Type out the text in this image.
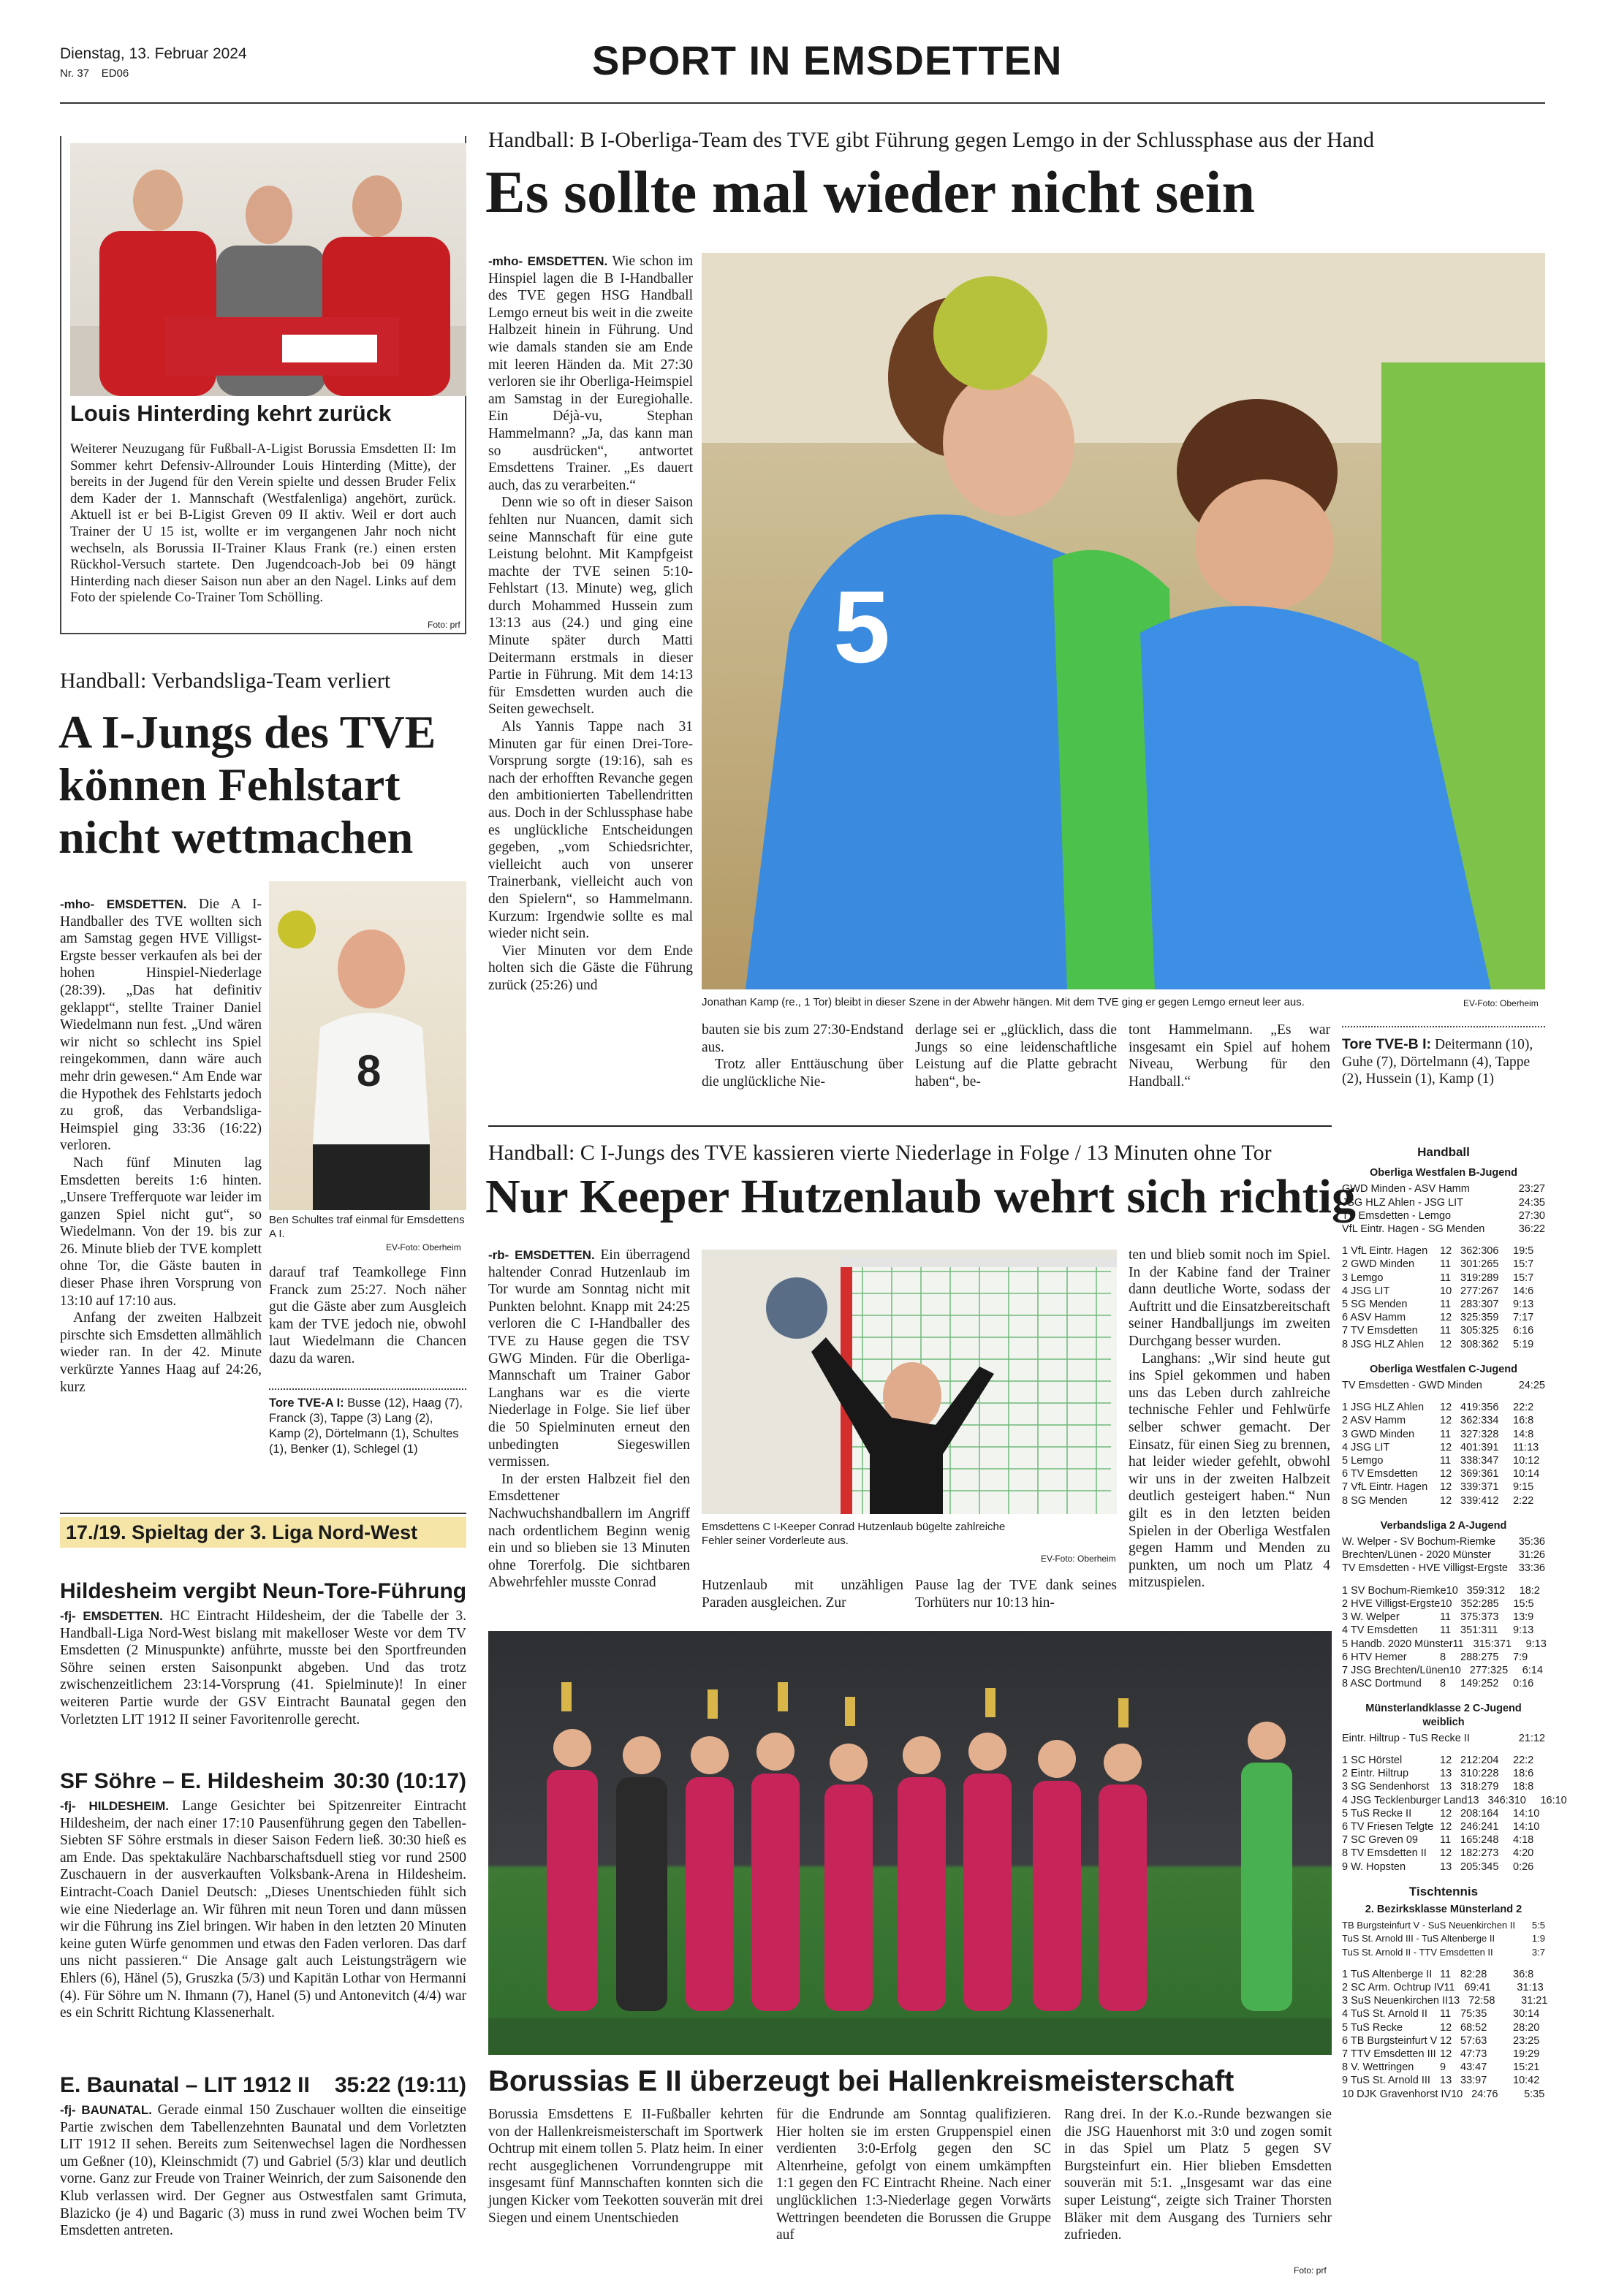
Dienstag, 13. Februar 2024
Nr. 37 ED06	SPORT IN EMSDETTEN
Louis Hinterding kehrt zurück
Weiterer Neuzugang für Fußball-A-Ligist Borussia Emsdetten II: Im Sommer kehrt Defensiv-Allrounder Louis Hinterding (Mitte), der bereits in der Jugend für den Verein spielte und dessen Bruder Felix dem Kader der 1. Mannschaft (Westfalenliga) angehört, zurück. Aktuell ist er bei B-Ligist Greven 09 II aktiv. Weil er dort auch Trainer der U 15 ist, wollte er im vergangenen Jahr noch nicht wechseln, als Borussia II-Trainer Klaus Frank (re.) einen ersten Rückhol-Versuch startete. Den Jugendcoach-Job bei 09 hängt Hinterding nach dieser Saison nun aber an den Nagel. Links auf dem Foto der spielende Co-Trainer Tom Schölling.
Foto: prf
Handball: B I-Oberliga-Team des TVE gibt Führung gegen Lemgo in der Schlussphase aus der Hand
Es sollte mal wieder nicht sein

-mho- EMSDETTEN. Wie schon im Hinspiel lagen die B I-Handballer des TVE gegen HSG Handball Lemgo erneut bis weit in die zweite Halbzeit hinein in Führung. Und wie damals standen sie am Ende mit leeren Händen da. Mit 27:30 verloren sie ihr Oberliga-Heimspiel am Samstag in der Euregiohalle. Ein Déjà-vu, Stephan Hammelmann? „Ja, das kann man so ausdrücken“, antwortet Emsdettens Trainer. „Es dauert auch, das zu verarbeiten.“

Denn wie so oft in dieser Saison fehlten nur Nuancen, damit sich seine Mannschaft für eine gute Leistung belohnt. Mit Kampfgeist machte der TVE seinen 5:10-Fehlstart (13. Minute) weg, glich durch Mohammed Hussein zum 13:13 aus (24.) und ging eine Minute später durch Matti Deitermann erstmals in dieser Partie in Führung. Mit dem 14:13 für Emsdetten wurden auch die Seiten gewechselt.

Als Yannis Tappe nach 31 Minuten gar für einen Drei-Tore-Vorsprung sorgte (19:16), sah es nach der erhofften Revanche gegen den ambitionierten Tabellendritten aus. Doch in der Schlussphase habe es unglückliche Entscheidungen gegeben, „vom Schiedsrichter, vielleicht auch von unserer Trainerbank, vielleicht auch von den Spielern“, so Hammelmann. Kurzum: Irgendwie sollte es mal wieder nicht sein.

Vier Minuten vor dem Ende holten sich die Gäste die Führung zurück (25:26) und

5
Jonathan Kamp (re., 1 Tor) bleibt in dieser Szene in der Abwehr hängen. Mit dem TVE ging er gegen Lemgo erneut leer aus.	EV-Foto: Oberheim

bauten sie bis zum 27:30-Endstand aus.

Trotz aller Enttäuschung über die unglückliche Nie-

derlage sei er „glücklich, dass die Jungs so eine leidenschaftliche Leistung auf die Platte gebracht haben“, be-

tont Hammelmann. „Es war insgesamt ein Spiel auf hohem Niveau, Werbung für den Handball.“

Tore TVE-B I: Deitermann (10), Guhe (7), Dörtelmann (4), Tappe (2), Hussein (1), Kamp (1)
Handball: Verbandsliga-Team verliert
A I-Jungs des TVE können Fehlstart nicht wettmachen

-mho- EMSDETTEN. Die A I-Handballer des TVE wollten sich am Samstag gegen HVE Villigst-Ergste besser verkaufen als bei der hohen Hinspiel-Niederlage (28:39). „Das hat definitiv geklappt“, stellte Trainer Daniel Wiedelmann nun fest. „Und wären wir nicht so schlecht ins Spiel reingekommen, dann wäre auch mehr drin gewesen.“ Am Ende war die Hypothek des Fehlstarts jedoch zu groß, das Verbandsliga-Heimspiel ging 33:36 (16:22) verloren.

Nach fünf Minuten lag Emsdetten bereits 1:6 hinten. „Unsere Trefferquote war leider im ganzen Spiel nicht gut“, so Wiedelmann. Von der 19. bis zur 26. Minute blieb der TVE komplett ohne Tor, die Gäste bauten in dieser Phase ihren Vorsprung von 13:10 auf 17:10 aus.

Anfang der zweiten Halbzeit pirschte sich Emsdetten allmählich wieder ran. In der 42. Minute verkürzte Yannes Haag auf 24:26, kurz

8
Ben Schultes traf einmal für Emsdettens A I.
EV-Foto: Oberheim

darauf traf Teamkollege Finn Franck zum 25:27. Noch näher gut die Gäste aber zum Ausgleich kam der TVE jedoch nie, obwohl laut Wiedelmann die Chancen dazu da waren.

Tore TVE-A I: Busse (12), Haag (7), Franck (3), Tappe (3) Lang (2), Kamp (2), Dörtelmann (1), Schultes (1), Benker (1), Schlegel (1)
17./19. Spieltag der 3. Liga Nord-West
Hildesheim vergibt Neun-Tore-Führung

-fj- EMSDETTEN. HC Eintracht Hildesheim, der die Tabelle der 3. Handball-Liga Nord-West bislang mit makelloser Weste vor dem TV Emsdetten (2 Minuspunkte) anführte, musste bei den Sportfreunden Söhre seinen ersten Saisonpunkt abgeben. Und das trotz zwischenzeitlichem 23:14-Vorsprung (41. Spielminute)! In einer weiteren Partie wurde der GSV Eintracht Baunatal gegen den Vorletzten LIT 1912 II seiner Favoritenrolle gerecht.

SF Söhre – E. Hildesheim 30:30 (10:17)

-fj- HILDESHEIM. Lange Gesichter bei Spitzenreiter Eintracht Hildesheim, der nach einer 17:10 Pausenführung gegen den Tabellen-Siebten SF Söhre erstmals in dieser Saison Federn ließ. 30:30 hieß es am Ende. Das spektakuläre Nachbarschaftsduell stieg vor rund 2500 Zuschauern in der ausverkauften Volksbank-Arena in Hildesheim. Eintracht-Coach Daniel Deutsch: „Dieses Unentschieden fühlt sich wie eine Niederlage an. Wir führen mit neun Toren und dann müssen wir die Führung ins Ziel bringen. Wir haben in den letzten 20 Minuten keine guten Würfe genommen und etwas den Faden verloren. Das darf uns nicht passieren.“ Die Ansage galt auch Leistungsträgern wie Ehlers (6), Hänel (5), Gruszka (5/3) und Kapitän Lothar von Hermanni (4). Für Söhre um N. Ihmann (7), Hanel (5) und Antonevitch (4/4) war es ein Schritt Richtung Klassenerhalt.

E. Baunatal – LIT 1912 II 35:22 (19:11)

-fj- BAUNATAL. Gerade einmal 150 Zuschauer wollten die einseitige Partie zwischen dem Tabellenzehnten Baunatal und dem Vorletzten LIT 1912 II sehen. Bereits zum Seitenwechsel lagen die Nordhessen um Geßner (10), Kleinschmidt (7) und Gabriel (5/3) klar und deutlich vorne. Ganz zur Freude von Trainer Weinrich, der zum Saisonende den Klub verlassen wird. Der Gegner aus Ostwestfalen samt Grimuta, Blazicko (je 4) und Bagaric (3) muss in rund zwei Wochen beim TV Emsdetten antreten.

Handball: C I-Jungs des TVE kassieren vierte Niederlage in Folge / 13 Minuten ohne Tor
Nur Keeper Hutzenlaub wehrt sich richtig

-rb- EMSDETTEN. Ein überragend haltender Conrad Hutzenlaub im Tor wurde am Sonntag nicht mit Punkten belohnt. Knapp mit 24:25 verloren die C I-Handballer des TVE zu Hause gegen die TSV GWG Minden. Für die Oberliga-Mannschaft um Trainer Gabor Langhans war es die vierte Niederlage in Folge. Sie lief über die 50 Spielminuten erneut den unbedingten Siegeswillen vermissen.

In der ersten Halbzeit fiel den Emsdettener Nachwuchshandballern im Angriff nach ordentlichem Beginn wenig ein und so blieben sie 13 Minuten ohne Torerfolg. Die sichtbaren Abwehrfehler musste Conrad

Emsdettens C I-Keeper Conrad Hutzenlaub bügelte zahlreiche Fehler seiner Vorderleute aus.
EV-Foto: Oberheim

Hutzenlaub mit unzähligen Paraden ausgleichen. Zur

Pause lag der TVE dank seines Torhüters nur 10:13 hin-

ten und blieb somit noch im Spiel. In der Kabine fand der Trainer dann deutliche Worte, sodass der Auftritt und die Einsatzbereitschaft seiner Handballjungs im zweiten Durchgang besser wurden.

Langhans: „Wir sind heute gut ins Spiel gekommen und haben uns das Leben durch zahlreiche technische Fehler und Fehlwürfe selber schwer gemacht. Der Einsatz, für einen Sieg zu brennen, hat leider wieder gefehlt, obwohl wir uns in der zweiten Halbzeit deutlich gesteigert haben.“ Nun gilt es in den letzten beiden Spielen in der Oberliga Westfalen gegen Hamm und Menden zu punkten, um noch um Platz 4 mitzuspielen.

Borussias E II überzeugt bei Hallenkreismeisterschaft

Borussia Emsdettens E II-Fußballer kehrten von der Hallenkreismeisterschaft im Sportwerk Ochtrup mit einem tollen 5. Platz heim. In einer recht ausgeglichenen Vorrundengruppe mit insgesamt fünf Mannschaften konnten sich die jungen Kicker vom Teekotten souverän mit drei Siegen und einem Unentschieden

für die Endrunde am Sonntag qualifizieren. Hier holten sie im ersten Gruppenspiel einen verdienten 3:0-Erfolg gegen den SC Altenrheine, gefolgt von einem umkämpften 1:1 gegen den FC Eintracht Rheine. Nach einer unglücklichen 1:3-Niederlage gegen Vorwärts Wettringen beendeten die Borussen die Gruppe auf

Rang drei. In der K.o.-Runde bezwangen sie die JSG Hauenhorst mit 3:0 und zogen somit in das Spiel um Platz 5 gegen SV Burgsteinfurt ein. Hier blieben Emsdetten souverän mit 5:1. „Insgesamt war das eine super Leistung“, zeigte sich Trainer Thorsten Bläker mit dem Ausgang des Turniers sehr zufrieden.

Foto: prf
Handball
Oberliga Westfalen B-Jugend
GWD Minden - ASV Hamm	23:27
JSG HLZ Ahlen - JSG LIT	24:35
TV Emsdetten - Lemgo	27:30
VfL Eintr. Hagen - SG Menden	36:22
1 VfL Eintr. Hagen	12 362:306	19:5
2 GWD Minden	11 301:265	15:7
3 Lemgo	11 319:289	15:7
4 JSG LIT	10 277:267	14:6
5 SG Menden	11 283:307	9:13
6 ASV Hamm	12 325:359	7:17
7 TV Emsdetten	11 305:325	6:16
8 JSG HLZ Ahlen	12 308:362	5:19
Oberliga Westfalen C-Jugend
TV Emsdetten - GWD Minden	24:25
1 JSG HLZ Ahlen	12 419:356	22:2
2 ASV Hamm	12 362:334	16:8
3 GWD Minden	11 327:328	14:8
4 JSG LIT	12 401:391	11:13
5 Lemgo	11 338:347	10:12
6 TV Emsdetten	12 369:361	10:14
7 VfL Eintr. Hagen	12 339:371	9:15
8 SG Menden	12 339:412	2:22
Verbandsliga 2 A-Jugend
W. Welper - SV Bochum-Riemke 35:36
Brechten/Lünen - 2020 Münster	31:26
TV Emsdetten - HVE Villigst-Ergste 33:36
1 SV Bochum-Riemke 10 359:312	18:2
2 HVE Villigst-Ergste 10 352:285	15:5
3 W. Welper	11 375:373	13:9
4 TV Emsdetten	11 351:311	9:13
5 Handb. 2020 Münster 11 315:371	9:13
6 HTV Hemer	8	288:275	7:9
7 JSG Brechten/Lünen 10 277:325	6:14
8 ASC Dortmund	8	149:252	0:16
Münsterlandklasse 2 C-Jugend weiblich
Eintr. Hiltrup - TuS Recke II	21:12
1 SC Hörstel	12 212:204	22:2
2 Eintr. Hiltrup	13 310:228	18:6
3 SG Sendenhorst	13 318:279	18:8
4 JSG Tecklenburger Land 13 346:310	16:10
5 TuS Recke II	12 208:164	14:10
6 TV Friesen Telgte 12 246:241	14:10
7 SC Greven 09	11 165:248	4:18
8 TV Emsdetten II	12 182:273	4:20
9 W. Hopsten	13 205:345	0:26
Tischtennis
2. Bezirksklasse Münsterland 2
TB Burgsteinfurt V - SuS Neuenkirchen II 5:5
TuS St. Arnold III - TuS Altenberge II	1:9
TuS St. Arnold II - TTV Emsdetten II	3:7
1 TuS Altenberge II 11 82:28	36:8
2 SC Arm. Ochtrup IV 11 69:41	31:13
3 SuS Neuenkirchen II 13 72:58	31:21
4 TuS St. Arnold II	11 75:35	30:14
5 TuS Recke	12 68:52	28:20
6 TB Burgsteinfurt V 12 57:63	23:25
7 TTV Emsdetten III 12 47:73	19:29
8 V. Wettringen	9	43:47	15:21
9 TuS St. Arnold III 13 33:97	10:42
10 DJK Gravenhorst IV 10 24:76	5:35
